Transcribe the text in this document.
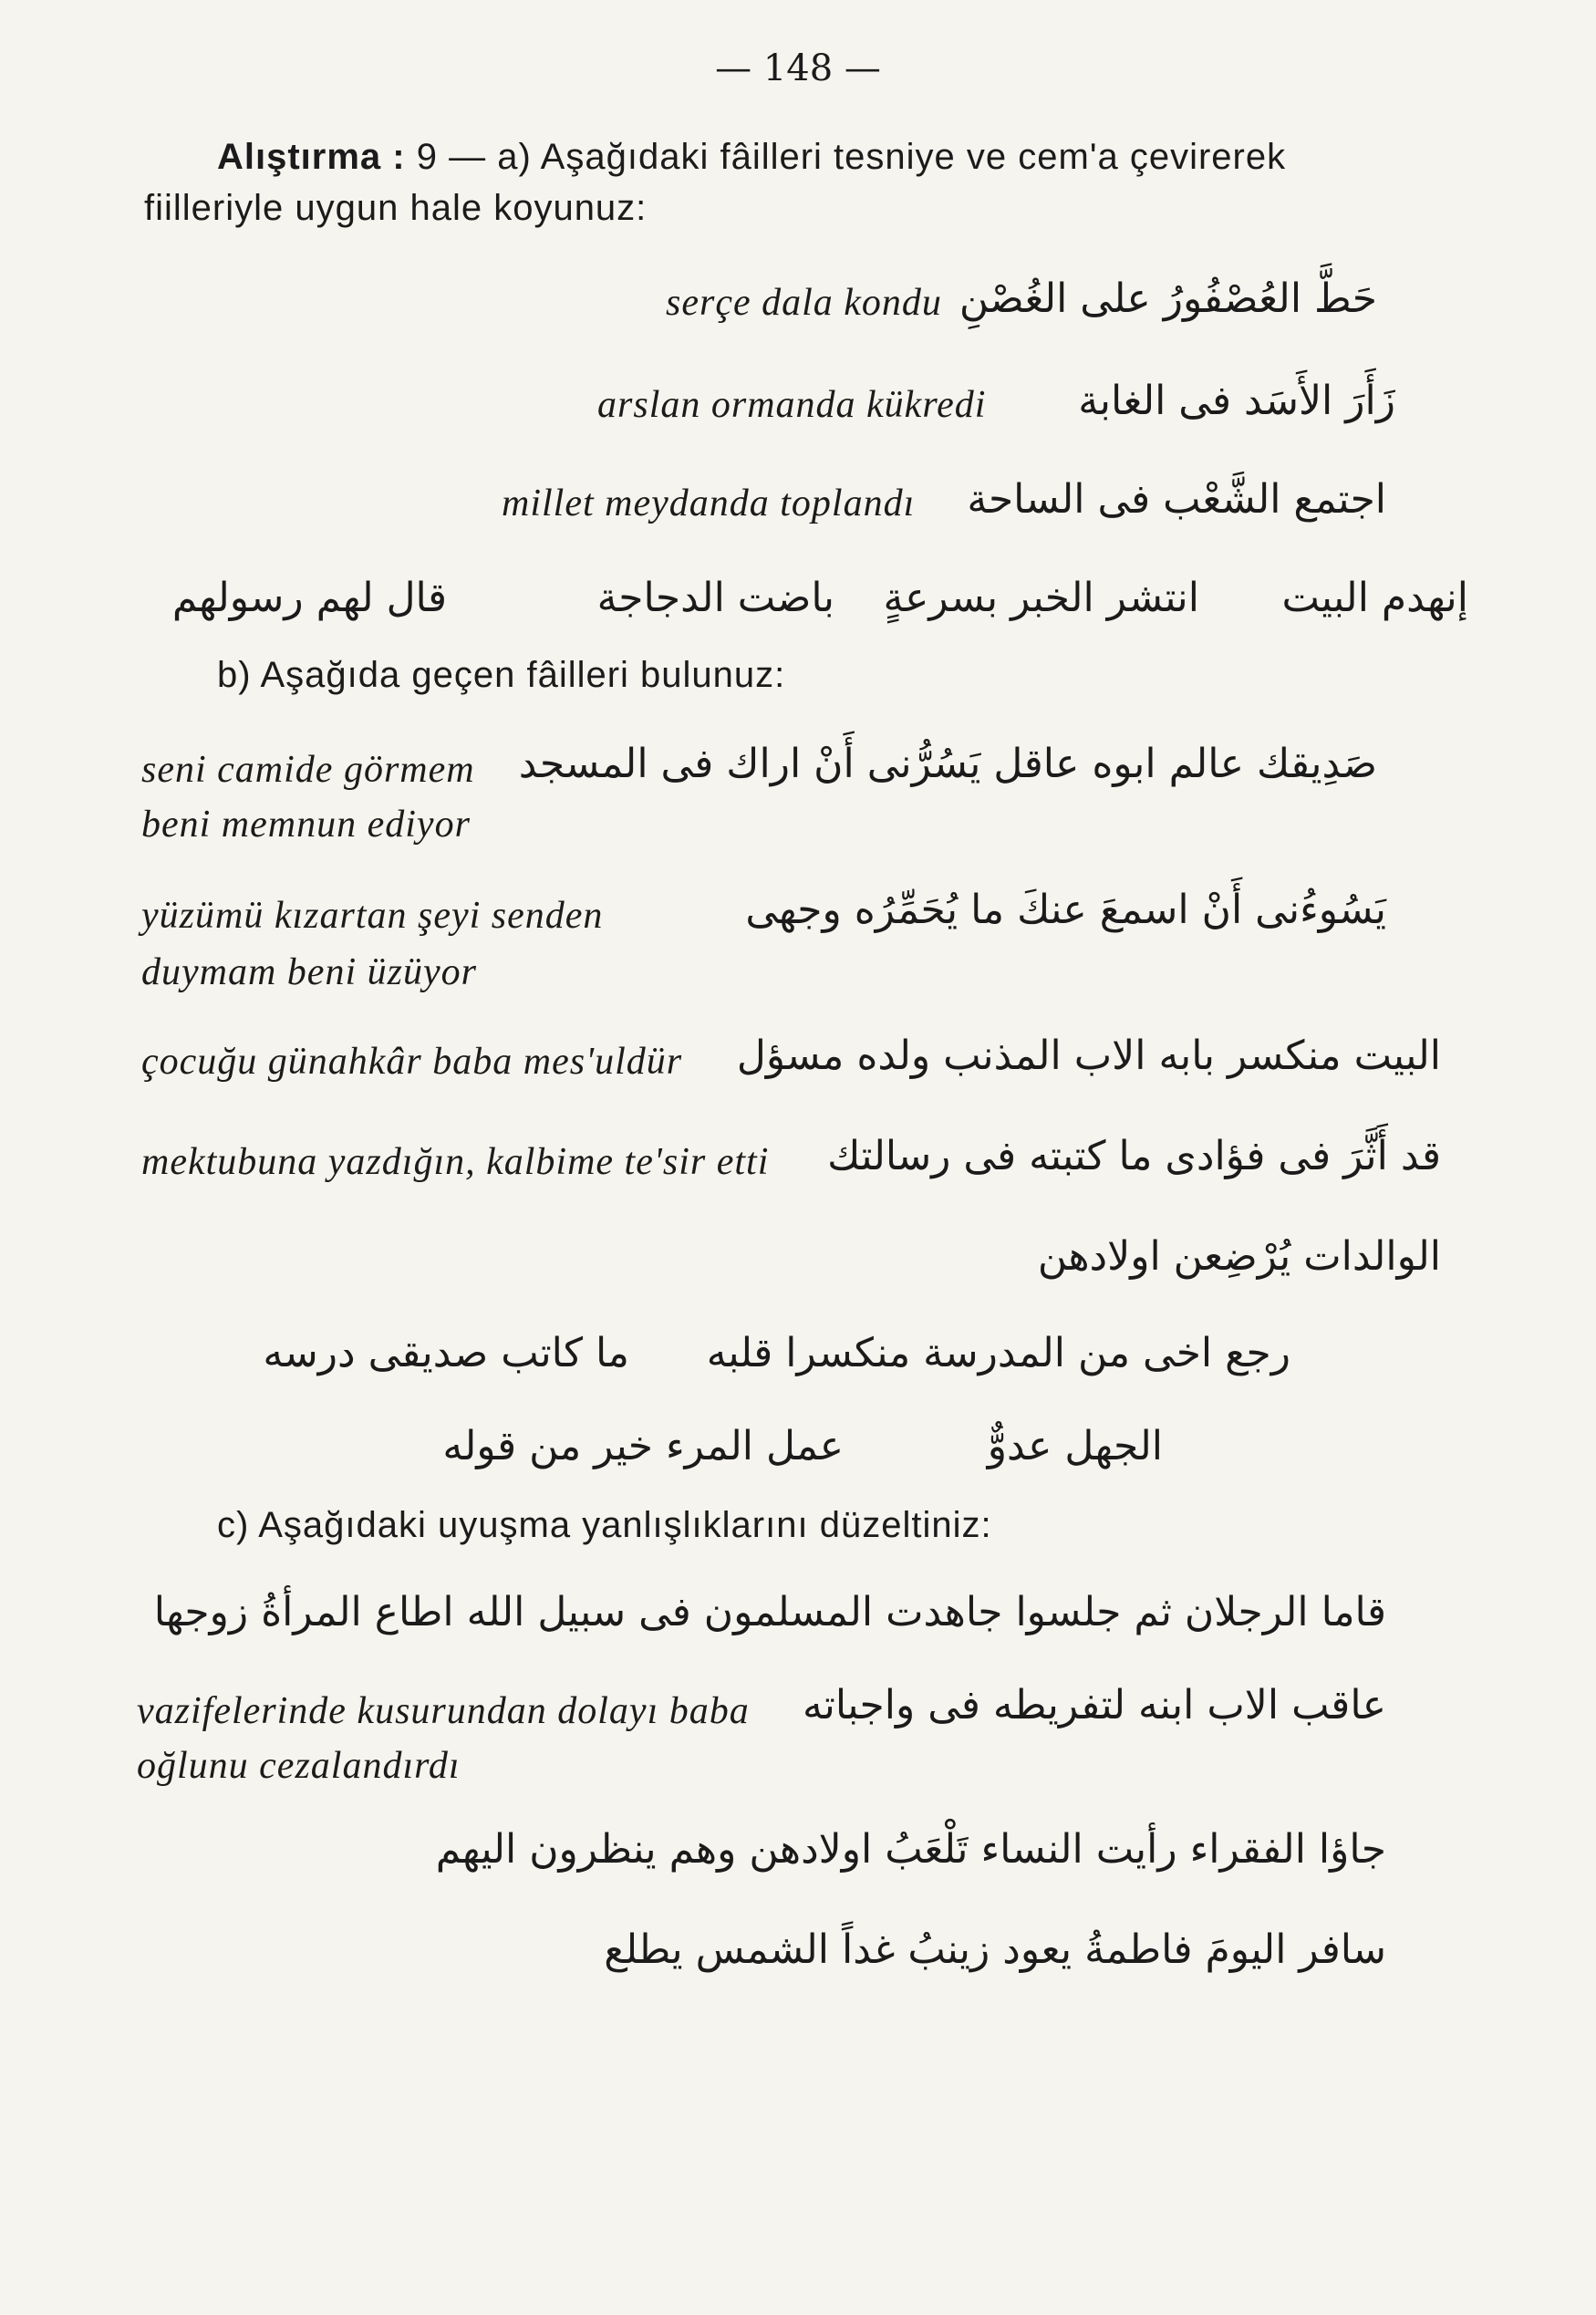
— 148 —
Alıştırma : 9 — a) Aşağıdaki fâilleri tesniye ve cem'a çevirerek
fiilleriyle uygun hale koyunuz:
serçe dala kondu حَطَّ العُصْفُورُ على الغُصْنِ
arslan ormanda kükredi	زَأَرَ الأَسَد فى الغابة
millet meydanda toplandı اجتمع الشَّعْب فى الساحة
إنهدم البيت
انتشر الخبر بسرعةٍ
باضت الدجاجة
قال لهم رسولهم
b) Aşağıda geçen fâilleri bulunuz:
seni camide görmem
beni memnun ediyor
صَدِيقك عالم ابوه عاقل يَسُرُّنى أَنْ اراك فى المسجد
yüzümü kızartan şeyi senden
duymam beni üzüyor
يَسُوءُنى أَنْ اسمعَ عنكَ ما يُحَمِّرُه وجهى
çocuğu günahkâr baba mes'uldür البيت منكسر بابه الاب المذنب ولده مسؤل
mektubuna yazdığın, kalbime te'sir etti قد أَثَّرَ فى فؤادى ما كتبته فى رسالتك
الوالدات يُرْضِعن اولادهن
رجع اخى من المدرسة منكسرا قلبه
ما كاتب صديقى درسه
الجهل عدوٌّ
عمل المرء خير من قوله
c) Aşağıdaki uyuşma yanlışlıklarını düzeltiniz:
قاما الرجلان ثم جلسوا جاهدت المسلمون فى سبيل الله اطاع المرأةُ زوجها
vazifelerinde kusurundan dolayı baba
oğlunu cezalandırdı
عاقب الاب ابنه لتفريطه فى واجباته
جاؤا الفقراء رأيت النساء تَلْعَبُ اولادهن وهم ينظرون اليهم
سافر اليومَ فاطمةُ يعود زينبُ غداً الشمس يطلع
